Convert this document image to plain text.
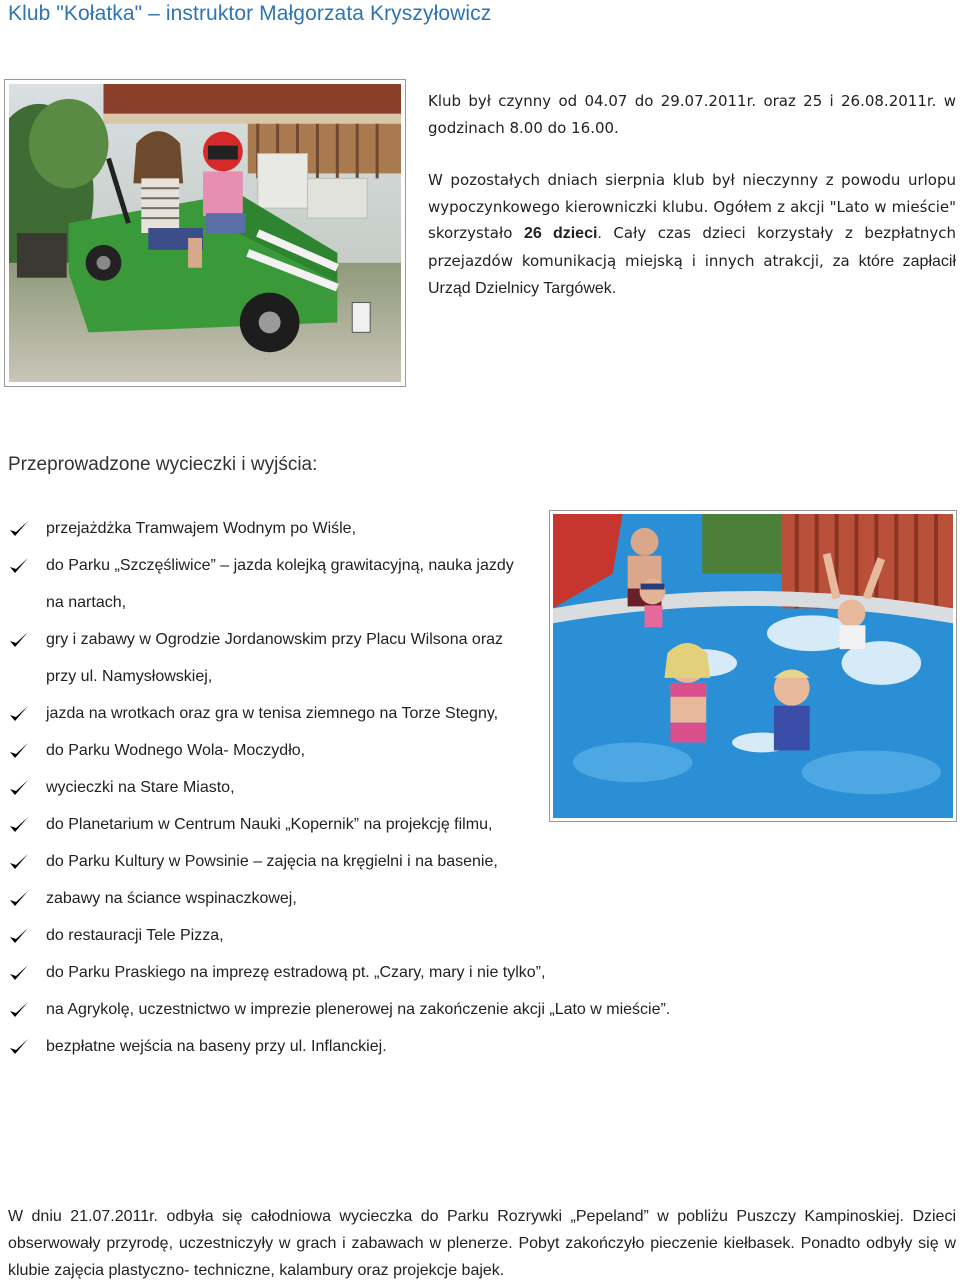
Klub "Kołatka" – instruktor Małgorzata Kryszyłowicz

Klub był czynny od 04.07 do 29.07.2011r. oraz 25 i 26.08.2011r. w godzinach 8.00 do 16.00.

W pozostałych dniach sierpnia klub był nieczynny z powodu urlopu wypoczynkowego kierowniczki klubu. Ogółem z akcji "Lato w mieście" skorzystało 26 dzieci. Cały czas dzieci korzystały z bezpłatnych przejazdów komunikacją miejską i innych atrakcji, za które zapłacił Urząd Dzielnicy Targówek.

Przeprowadzone wycieczki i wyjścia:
przejażdżka Tramwajem Wodnym po Wiśle,
do Parku „Szczęśliwice” – jazda kolejką grawitacyjną, nauka jazdy na nartach,
gry i zabawy w Ogrodzie Jordanowskim przy Placu Wilsona oraz przy ul. Namysłowskiej,
jazda na wrotkach oraz gra w tenisa ziemnego na Torze Stegny,
do Parku Wodnego Wola- Moczydło,
wycieczki na Stare Miasto,
do Planetarium w Centrum Nauki „Kopernik” na projekcję filmu,
do Parku Kultury w Powsinie – zajęcia na kręgielni i na basenie,
zabawy na ściance wspinaczkowej,
do restauracji Tele Pizza,
do Parku Praskiego na imprezę estradową pt. „Czary, mary i nie tylko”,
na Agrykolę, uczestnictwo w imprezie plenerowej na zakończenie akcji „Lato w mieście”.
bezpłatne wejścia na baseny przy ul. Inflanckiej.

W dniu 21.07.2011r. odbyła się całodniowa wycieczka do Parku Rozrywki „Pepeland” w pobliżu Puszczy Kampinoskiej. Dzieci obserwowały przyrodę, uczestniczyły w grach i zabawach w plenerze. Pobyt zakończyło pieczenie kiełbasek. Ponadto odbyły się w klubie zajęcia plastyczno- techniczne, kalambury oraz projekcje bajek.
